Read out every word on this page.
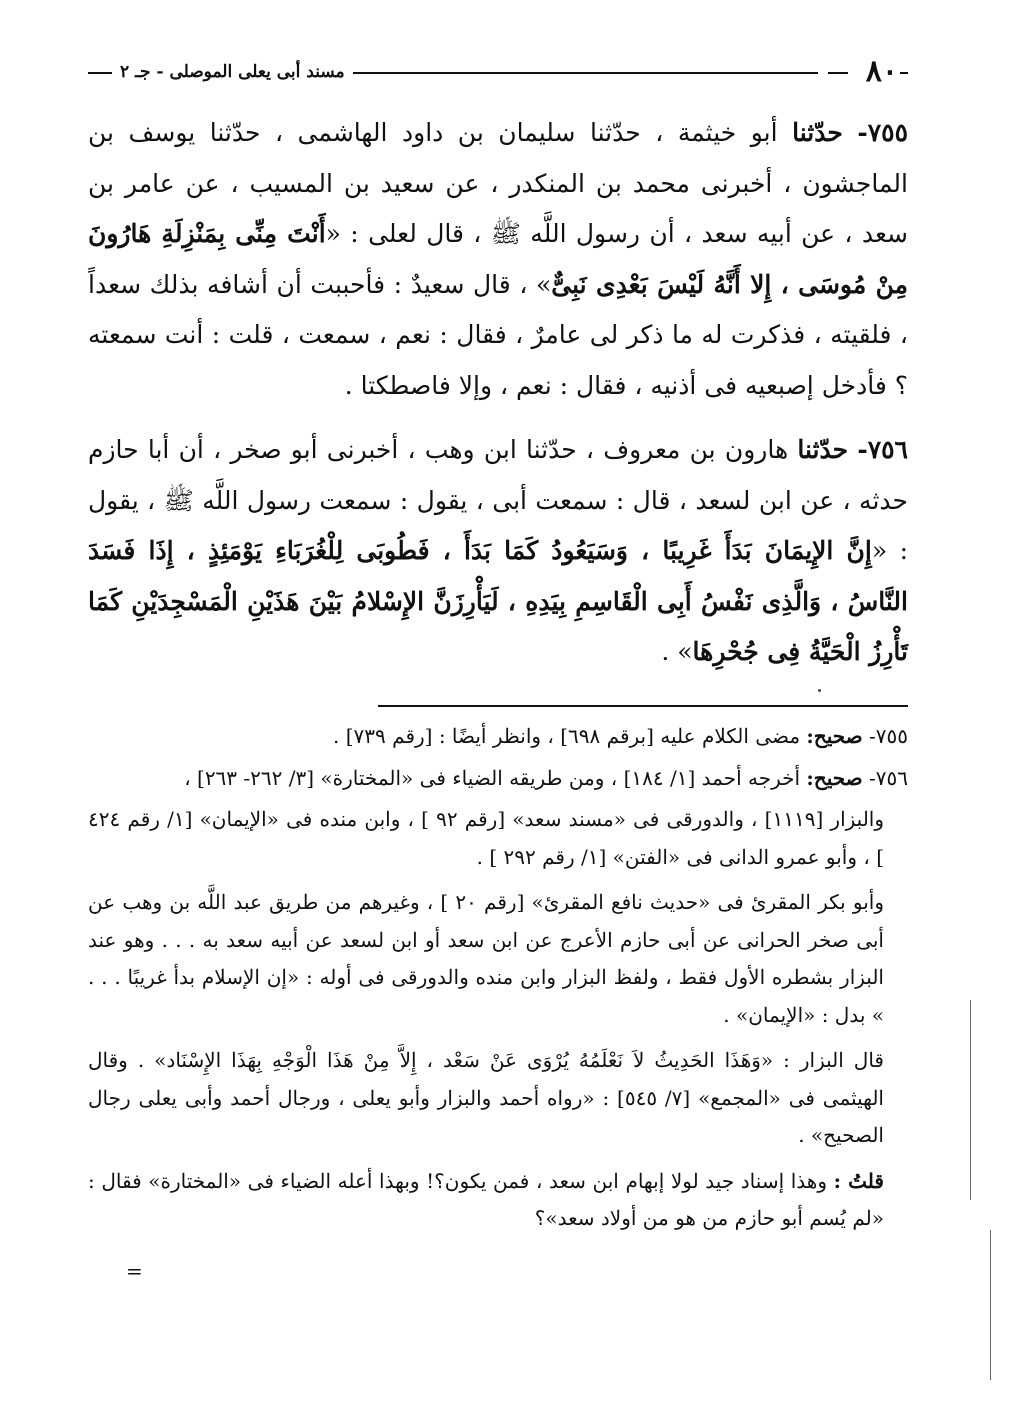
٨٠
مسند أبى يعلى الموصلى - جـ ٢

٧٥٥- حدّثنا أبو خيثمة ، حدّثنا سليمان بن داود الهاشمى ، حدّثنا يوسف بن الماجشون ، أخبرنى محمد بن المنكدر ، عن سعيد بن المسيب ، عن عامر بن سعد ، عن أبيه سعد ، أن رسول اللَّه ﷺ ، قال لعلى : «أَنْتَ مِنِّى بِمَنْزِلَةِ هَارُونَ مِنْ مُوسَى ، إِلا أَنَّهُ لَيْسَ بَعْدِى نَبِىٌّ» ، قال سعيدٌ : فأحببت أن أشافه بذلك سعداً ، فلقيته ، فذكرت له ما ذكر لى عامرٌ ، فقال : نعم ، سمعت ، قلت : أنت سمعته ؟ فأدخل إصبعيه فى أذنيه ، فقال : نعم ، وإلا فاصطكتا .

٧٥٦- حدّثنا هارون بن معروف ، حدّثنا ابن وهب ، أخبرنى أبو صخر ، أن أبا حازم حدثه ، عن ابن لسعد ، قال : سمعت أبى ، يقول : سمعت رسول اللَّه ﷺ ، يقول : «إِنَّ الإِيمَانَ بَدَأَ غَرِيبًا ، وَسَيَعُودُ كَمَا بَدَأَ ، فَطُوبَى لِلْغُرَبَاءِ يَوْمَئِذٍ ، إِذَا فَسَدَ النَّاسُ ، وَالَّذِى نَفْسُ أَبِى الْقَاسِمِ بِيَدِهِ ، لَيَأْرِزَنَّ الإِسْلامُ بَيْنَ هَذَيْنِ الْمَسْجِدَيْنِ كَمَا تَأْرِزُ الْحَيَّةُ فِى جُحْرِهَا» .

٧٥٥- صحيح: مضى الكلام عليه [برقم ٦٩٨] ، وانظر أيضًا : [رقم ٧٣٩] .

٧٥٦- صحيح: أخرجه أحمد [١/ ١٨٤] ، ومن طريقه الضياء فى «المختارة» [٣/ ٢٦٢- ٢٦٣] ،

والبزار [١١١٩] ، والدورقى فى «مسند سعد» [رقم ٩٢ ] ، وابن منده فى «الإيمان» [١/ رقم ٤٢٤ ] ، وأبو عمرو الدانى فى «الفتن» [١/ رقم ٢٩٢ ] .

وأبو بكر المقرئ فى «حديث نافع المقرئ» [رقم ٢٠ ] ، وغيرهم من طريق عبد اللَّه بن وهب عن أبى صخر الحرانى عن أبى حازم الأعرج عن ابن سعد أو ابن لسعد عن أبيه سعد به . . . وهو عند البزار بشطره الأول فقط ، ولفظ البزار وابن منده والدورقى فى أوله : «إن الإسلام بدأ غريبًا . . . » بدل : «الإيمان» .

قال البزار : «وَهَذَا الحَدِيثُ لاَ نَعْلَمُهُ يُرْوَى عَنْ سَعْد ، إِلاَّ مِنْ هَذَا الْوَجْهِ بِهَذَا الإِسْنَاد» . وقال الهيثمى فى «المجمع» [٧/ ٥٤٥] : «رواه أحمد والبزار وأبو يعلى ، ورجال أحمد وأبى يعلى رجال الصحيح» .

قلتُ : وهذا إسناد جيد لولا إبهام ابن سعد ، فمن يكون؟! وبهذا أعله الضياء فى «المختارة» فقال : «لم يُسم أبو حازم من هو من أولاد سعد»؟

=
